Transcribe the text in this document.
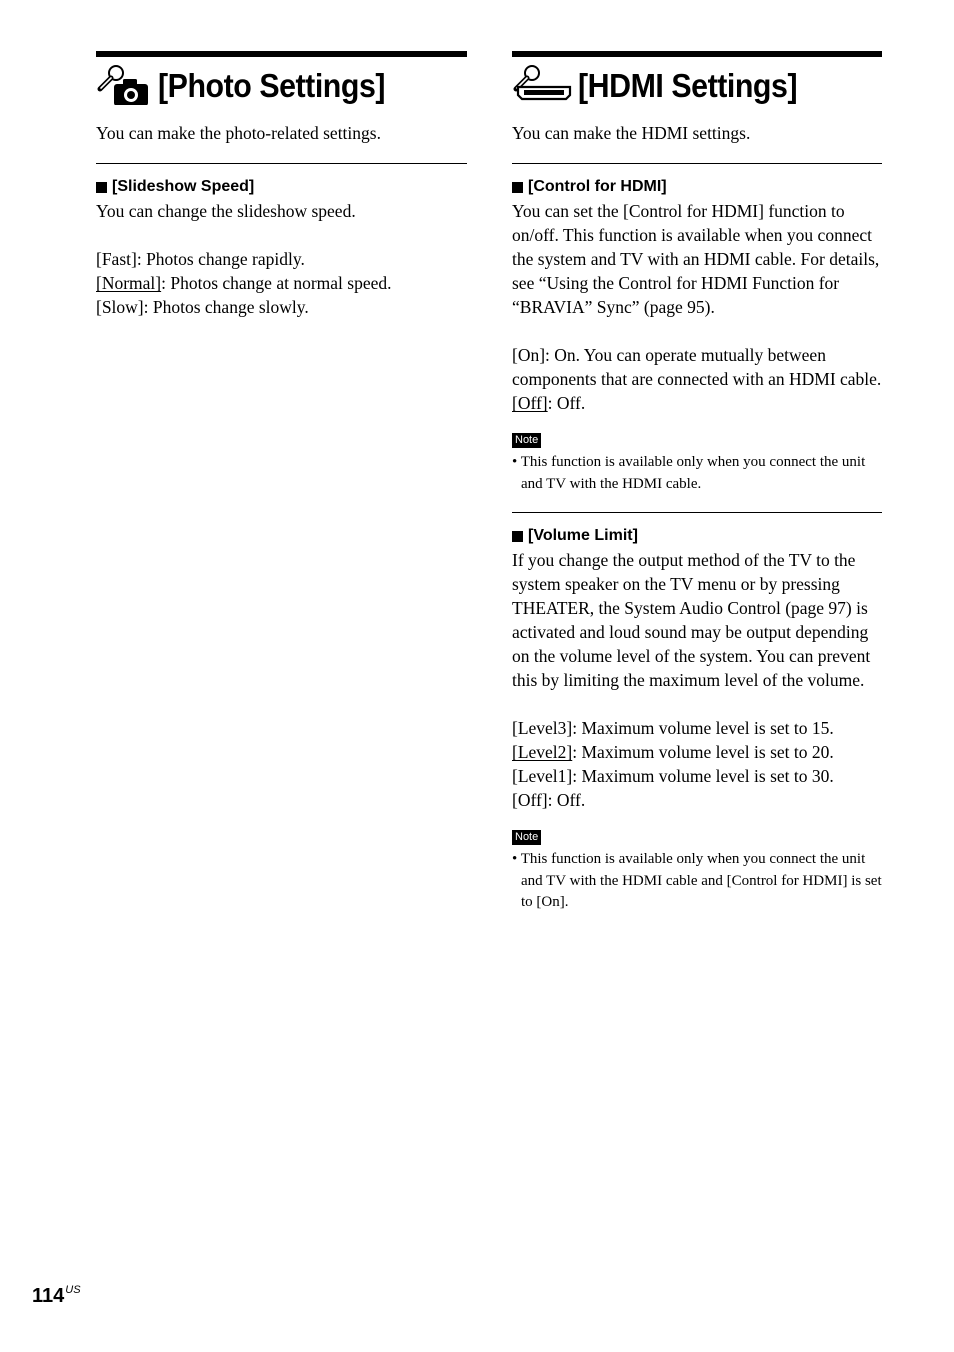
[Photo Settings]

You can make the photo-related settings.

[Slideshow Speed]

You can change the slideshow speed.

[Fast]: Photos change rapidly.

[Normal]: Photos change at normal speed.

[Slow]: Photos change slowly.

[HDMI Settings]

You can make the HDMI settings.

[Control for HDMI]

You can set the [Control for HDMI] function to on/off. This function is available when you connect the system and TV with an HDMI cable. For details, see “Using the Control for HDMI Function for “BRAVIA” Sync” (page 95).

[On]: On. You can operate mutually between components that are connected with an HDMI cable.

[Off]: Off.

Note

• This function is available only when you connect the unit and TV with the HDMI cable.

[Volume Limit]

If you change the output method of the TV to the system speaker on the TV menu or by pressing THEATER, the System Audio Control (page 97) is activated and loud sound may be output depending on the volume level of the system. You can prevent this by limiting the maximum level of the volume.

[Level3]: Maximum volume level is set to 15.

[Level2]: Maximum volume level is set to 20.

[Level1]: Maximum volume level is set to 30.

[Off]: Off.

Note

• This function is available only when you connect the unit and TV with the HDMI cable and [Control for HDMI] is set to [On].

$114^{US}$
